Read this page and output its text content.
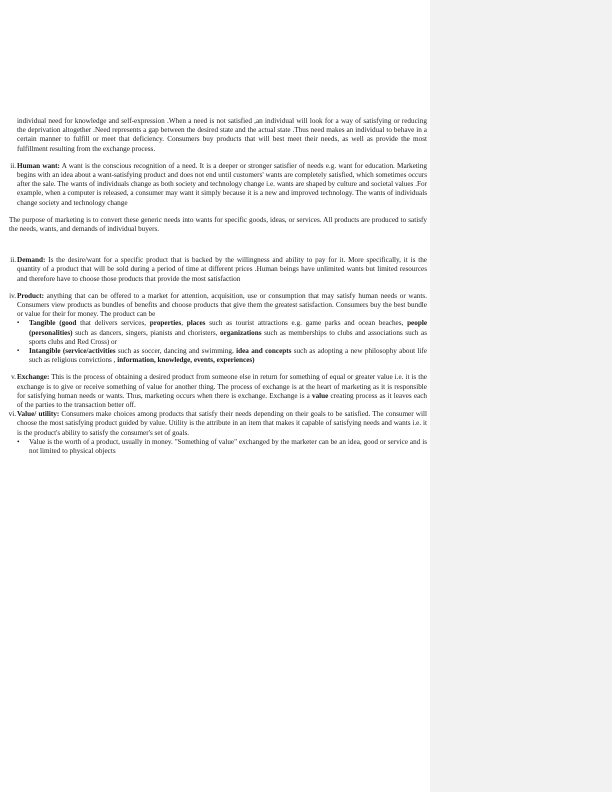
individual need for knowledge and self-expression .When a need is not satisfied ,an individual will look for a way of satisfying or reducing the deprivation altogether .Need represents a gap between the desired state and the actual state .Thus need makes an individual to behave in a certain manner to fulfill or meet that deficiency. Consumers buy products that will best meet their needs, as well as provide the most fulfillment resulting from the exchange process.

ii. Human want: A want is the conscious recognition of a need. It is a deeper or stronger satisfier of needs e.g. want for education. Marketing begins with an idea about a want-satisfying product and does not end until customers' wants are completely satisfied, which sometimes occurs after the sale. The wants of individuals change as both society and technology change i.e. wants are shaped by culture and societal values .For example, when a computer is released, a consumer may want it simply because it is a new and improved technology. The wants of individuals change society and technology change

The purpose of marketing is to convert these generic needs into wants for specific goods, ideas, or services. All products are produced to satisfy the needs, wants, and demands of individual buyers.

ii. Demand: Is the desire/want for a specific product that is backed by the willingness and ability to pay for it. More specifically, it is the quantity of a product that will be sold during a period of time at different prices .Human beings have unlimited wants but limited resources and therefore have to choose those products that provide the most satisfaction

iv. Product: anything that can be offered to a market for attention, acquisition, use or consumption that may satisfy human needs or wants. Consumers view products as bundles of benefits and choose products that give them the greatest satisfaction. Consumers buy the best bundle or value for their for money. The product can be

▪ Tangible (good that delivers services, properties, places such as tourist attractions e.g. game parks and ocean beaches, people (personalities) such as dancers, singers, pianists and choristers, organizations such as memberships to clubs and associations such as sports clubs and Red Cross) or
▪ Intangible (service/activities such as soccer, dancing and swimming, idea and concepts such as adopting a new philosophy about life such as religious convictions , information, knowledge, events, experiences)
v. Exchange: This is the process of obtaining a desired product from someone else in return for something of equal or greater value i.e. it is the exchange is to give or receive something of value for another thing. The process of exchange is at the heart of marketing as it is responsible for satisfying human needs or wants. Thus, marketing occurs when there is exchange. Exchange is a value creating process as it leaves each of the parties to the transaction better off.

vi. Value/ utility: Consumers make choices among products that satisfy their needs depending on their goals to be satisfied. The consumer will choose the most satisfying product guided by value. Utility is the attribute in an item that makes it capable of satisfying needs and wants i.e. it is the product's ability to satisfy the consumer's set of goals.

• Value is the worth of a product, usually in money. "Something of value" exchanged by the marketer can be an idea, good or service and is not limited to physical objects
